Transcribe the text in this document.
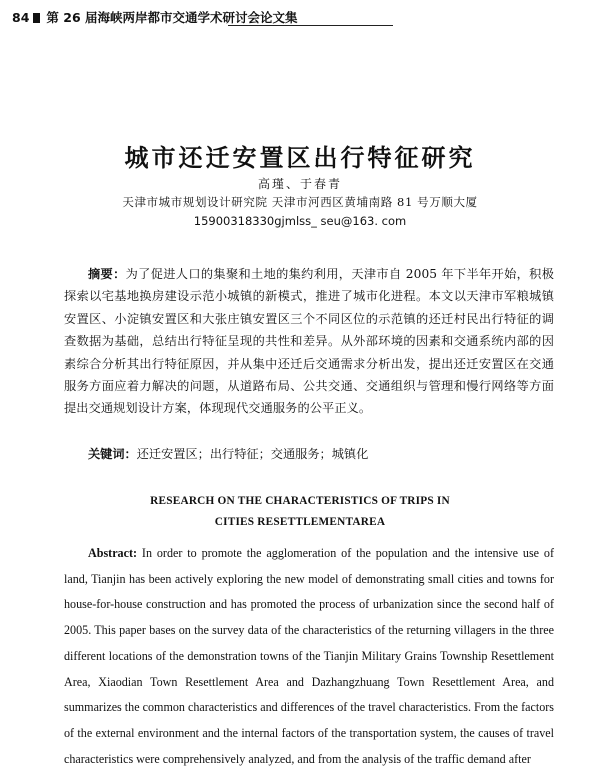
84 第 26 届海峡两岸都市交通学术研讨会论文集
城市还迁安置区出行特征研究
高瑾、于春青
天津市城市规划设计研究院 天津市河西区黄埔南路 81 号万顺大厦
15900318330gjmlss_ seu@163. com
摘要：为了促进人口的集聚和土地的集约利用，天津市自 2005 年下半年开始，积极探索以宅基地换房建设示范小城镇的新模式，推进了城市化进程。本文以天津市军粮城镇安置区、小淀镇安置区和大张庄镇安置区三个不同区位的示范镇的还迁村民出行特征的调查数据为基础，总结出行特征呈现的共性和差异。从外部环境的因素和交通系统内部的因素综合分析其出行特征原因，并从集中还迁后交通需求分析出发，提出还迁安置区在交通服务方面应着力解决的问题，从道路布局、公共交通、交通组织与管理和慢行网络等方面提出交通规划设计方案，体现现代交通服务的公平正义。
关键词：还迁安置区；出行特征；交通服务；城镇化
RESEARCH ON THE CHARACTERISTICS OF TRIPS IN
CITIES RESETTLEMENTAREA
Abstract: In order to promote the agglomeration of the population and the intensive use of land, Tianjin has been actively exploring the new model of demonstrating small cities and towns for house-for-house construction and has promoted the process of urbanization since the second half of 2005. This paper bases on the survey data of the characteristics of the returning villagers in the three different locations of the demonstration towns of the Tianjin Military Grains Township Resettlement Area, Xiaodian Town Resettlement Area and Dazhangzhuang Town Resettlement Area, and summarizes the common characteristics and differences of the travel characteristics. From the factors of the external environment and the internal factors of the transportation system, the causes of travel characteristics were comprehensively analyzed, and from the analysis of the traffic demand after
